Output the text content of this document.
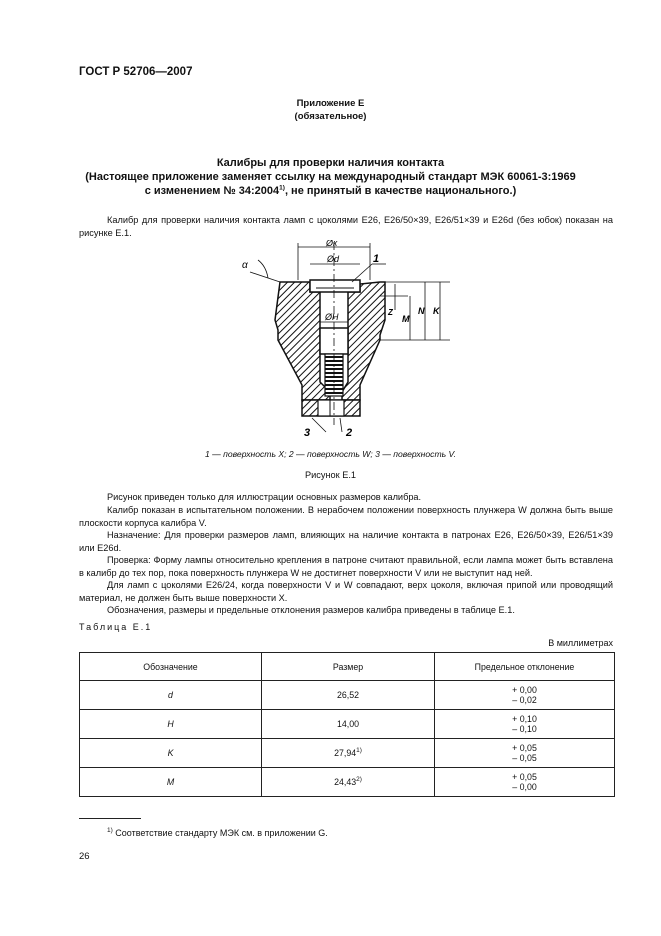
ГОСТ Р 52706—2007
Приложение Е
(обязательное)
Калибры для проверки наличия контакта
(Настоящее приложение заменяет ссылку на международный стандарт МЭК 60061-3:1969
с изменением № 34:2004$^{1)}$, не принятый в качестве национального.)
Калибр для проверки наличия контакта ламп с цоколями E26, E26/50×39, E26/51×39 и E26d (без юбок) показан на рисунке Е.1.
Øк
Ød
ØH
α
1
Z
M
N K
3	2
1 — поверхность X; 2 — поверхность W; 3 — поверхность V.
Рисунок Е.1
Рисунок приведен только для иллюстрации основных размеров калибра.
Калибр показан в испытательном положении. В нерабочем положении поверхность плунжера W должна быть выше плоскости корпуса калибра V.
Назначение: Для проверки размеров ламп, влияющих на наличие контакта в патронах E26, E26/50×39, E26/51×39 или E26d.
Проверка: Форму лампы относительно крепления в патроне считают правильной, если лампа может быть вставлена в калибр до тех пор, пока поверхность плунжера W не достигнет поверхности V или не выступит над ней.
Для ламп с цоколями E26/24, когда поверхности V и W совпадают, верх цоколя, включая припой или проводящий материал, не должен быть выше поверхности X.
Обозначения, размеры и предельные отклонения размеров калибра приведены в таблице Е.1.
Таблица Е.1
В миллиметрах
Обозначение	Размер	Предельное отклонение
d	26,52	+ 0,00
– 0,02

H	14,00	+ 0,10
– 0,10

K	$27,94^{1)}$	+ 0,05
– 0,05

M	$24,43^{2)}$	+ 0,05
– 0,00
$^{1)}$ Соответствие стандарту МЭК см. в приложении G.
26
